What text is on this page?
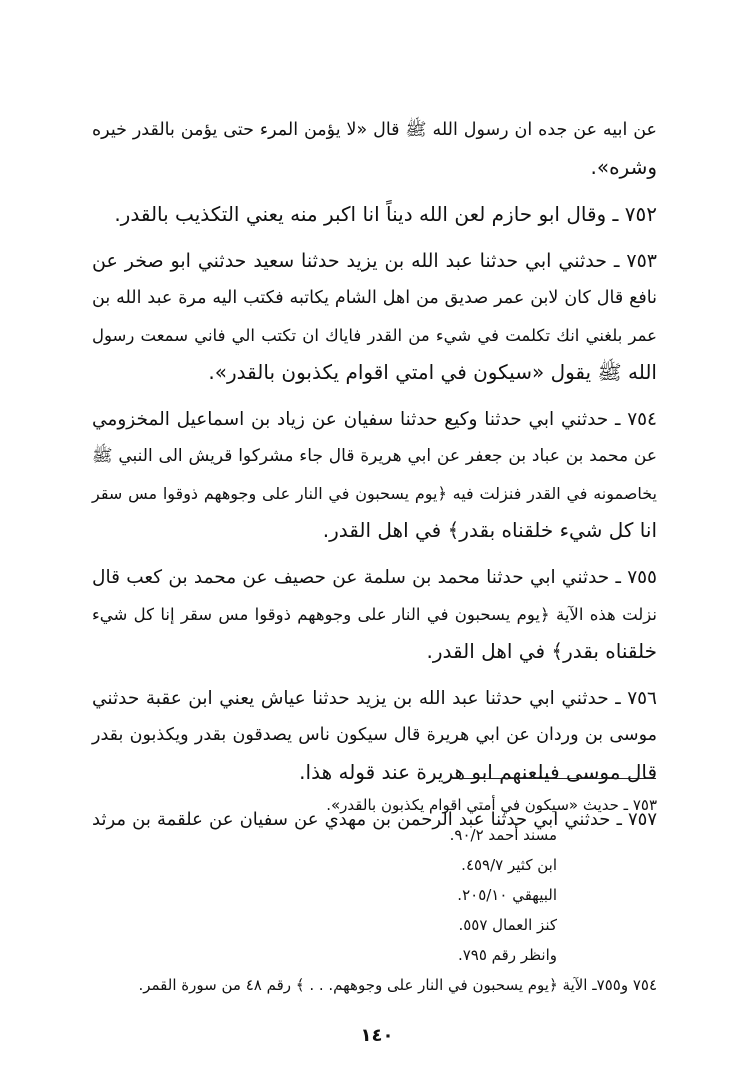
عن ابيه عن جده ان رسول الله ﷺ قال «لا يؤمن المرء حتى يؤمن بالقدر خيره
وشره».
٧٥٢ ـ وقال ابو حازم لعن الله ديناً انا اكبر منه يعني التكذيب بالقدر.
٧٥٣ ـ حدثني ابي حدثنا عبد الله بن يزيد حدثنا سعيد حدثني ابو صخر عن
نافع قال كان لابن عمر صديق من اهل الشام يكاتبه فكتب اليه مرة عبد الله بن
عمر بلغني انك تكلمت في شيء من القدر فاياك ان تكتب الي فاني سمعت رسول
الله ﷺ يقول «سيكون في امتي اقوام يكذبون بالقدر».
٧٥٤ ـ حدثني ابي حدثنا وكيع حدثنا سفيان عن زياد بن اسماعيل المخزومي
عن محمد بن عباد بن جعفر عن ابي هريرة قال جاء مشركوا قريش الى النبي ﷺ
يخاصمونه في القدر فنزلت فيه ﴿يوم يسحبون في النار على وجوههم ذوقوا مس سقر
انا كل شيء خلقناه بقدر﴾ في اهل القدر.
٧٥٥ ـ حدثني ابي حدثنا محمد بن سلمة عن حصيف عن محمد بن كعب قال
نزلت هذه الآية ﴿يوم يسحبون في النار على وجوههم ذوقوا مس سقر إنا كل شيء
خلقناه بقدر﴾ في اهل القدر.
٧٥٦ ـ حدثني ابي حدثنا عبد الله بن يزيد حدثنا عياش يعني ابن عقبة حدثني
موسى بن وردان عن ابي هريرة قال سيكون ناس يصدقون بقدر ويكذبون بقدر
قال موسى فيلعنهم ابو هريرة عند قوله هذا.
٧٥٧ ـ حدثني ابي حدثنا عبد الرحمن بن مهدي عن سفيان عن علقمة بن مرثد
٧٥٣ ـ حديث «سيكون في أمتي اقوام يكذبون بالقدر».
مسند أحمد ٩٠/٢.
ابن كثير ٤٥٩/٧.
البيهقي ٢٠٥/١٠.
كنز العمال ٥٥٧.
وانظر رقم ٧٩٥.
٧٥٤ و٧٥٥ـ الآية ﴿يوم يسحبون في النار على وجوههم. . . ﴾ رقم ٤٨ من سورة القمر.
١٤٠
